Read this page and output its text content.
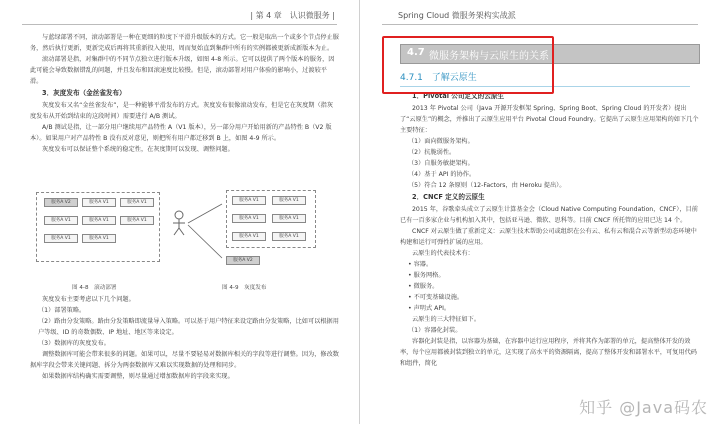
| 第 4 章　认识微服务 |

与蓝绿部署不同，滚动部署是一种在更细的粒度下平滑升级版本的方式。它一般是取出一个或多个节点停止服务，然后执行更新，更新完成后再将其重新投入使用，周而复始直到集群中所有的实例都被更新成新版本为止。

滚动部署是指，对集群中的不同节点独立进行版本升级，如图 4-8 所示。它可以提供了两个版本的服务，因此可能会导致数据错乱的问题，并且发布和回滚速度比较慢。但是，滚动部署对用户体验的影响小，过渡较平滑。

3．灰度发布（金丝雀发布）

灰度发布又名“金丝雀发布”，是一种能够平滑发布的方式。灰度发布很像滚动发布，但是它在灰度期（指灰度发布从开始到结束的这段时间）需要进行 A/B 测试。

A/B 测试是指，让一部分用户继续用产品特性 A（V1 版本），另一部分用户开始用新的产品特性 B（V2 版本）。如果用户对产品特性 B 没有反对意见，则把所有用户都迁移到 B 上，如图 4-9 所示。

灰度发布可以保证整个系统的稳定性，在灰度期可以发现、调整问题。

服务A V2	服务A V1	服务A V1
服务A V1	服务A V1	服务A V1
服务A V1	服务A V1
服务A V1	服务A V1
服务A V1	服务A V1
服务A V1	服务A V1
服务A V2
图 4-8　滚动部署	图 4-9　灰度发布

灰度发布主要考虑以下几个问题。

（1）部署策略。

（2）路由分发策略。路由分发策略即流量导入策略。可以基于用户特征来设定路由分发策略，比如可以根据用户等级、ID 的奇数偶数、IP 地址、地区等来设定。

（3）数据库的灰度发布。

调整数据库可能会带来很多的问题。如果可以，尽量不要轻易对数据库相关的字段等进行调整。因为，修改数据库字段会带来关键问题、拆分为两套数据库又难以实现数据的处理和同步。

如果数据库结构确实需要调整，则尽量通过增加数据库的字段来实现。

Spring Cloud 微服务架构实战派
4.7 微服务架构与云原生的关系
4.7.1 了解云原生

1．Pivotal 公司定义的云原生

2013 年 Pivotal 公司（Java 开源开发框架 Spring、Spring Boot、Spring Cloud 的开发者）提出了“云原生”的概念，并推出了云原生应用平台 Pivotal Cloud Foundry。它提出了云原生应用架构的如下几个主要特征：

（1）面向微服务架构。

（2）抗脆弱性。

（3）自服务敏捷架构。

（4）基于 API 的协作。

（5）符合 12 条原则（12-Factors，由 Heroku 提出）。

2．CNCF 定义的云原生

2015 年，谷歌牵头成立了云原生计算基金会（Cloud Native Computing Foundation，CNCF），目前已有一百多家企业与机构加入其中，包括亚马逊、微软、思科等。目前 CNCF 所托管的应用已达 14 个。

CNCF 对云原生做了重新定义：云原生技术帮助公司或组织在公有云、私有云和混合云等新型动态环境中构建和运行可弹性扩展的应用。

云原生的代表技术有：

• 容器。

• 服务网格。

• 微服务。

• 不可变基础设施。

• 声明式 API。

云原生的三大特征如下。

（1）容器化封装。

容器化封装是指，以容器为基础，在容器中运行应用程序，并将其作为部署的单元，提高整体开发的效率，每个应用都被封装到独立的单元，这实现了高水平的资源隔离，提高了整体开发和部署水平，可复用代码和组件，简化

知乎 @Java码农
